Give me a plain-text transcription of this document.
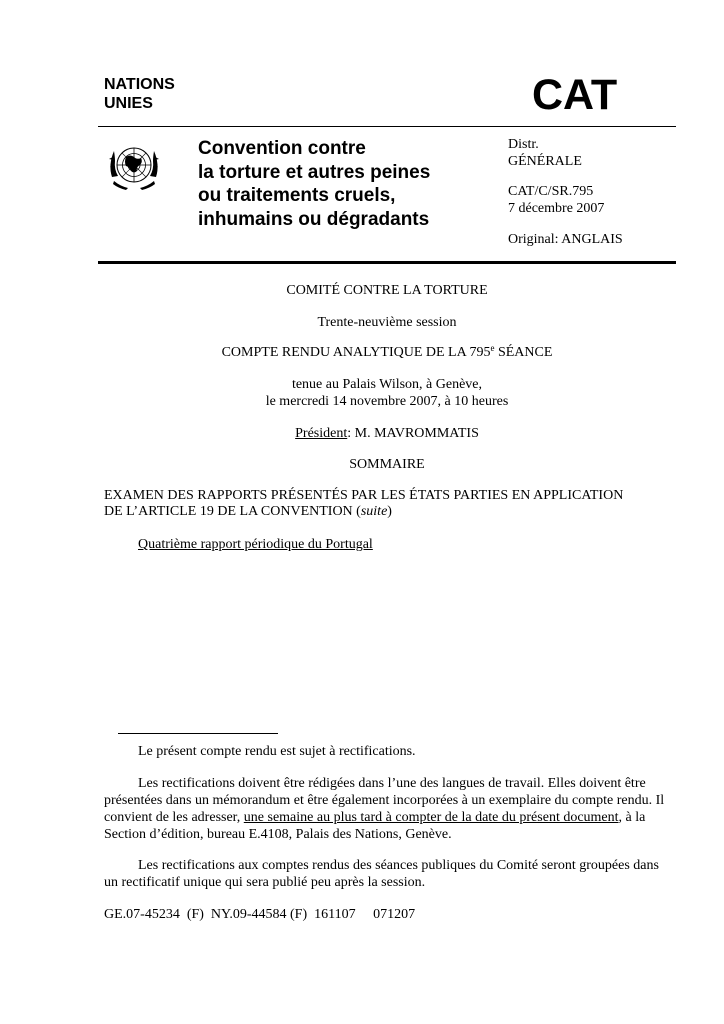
NATIONS
UNIES	CAT
Convention contre
la torture et autres peines
ou traitements cruels,
inhumains ou dégradants
Distr.
GÉNÉRALE
CAT/C/SR.795
7 décembre 2007
Original: ANGLAIS
COMITÉ CONTRE LA TORTURE
Trente-neuvième session
COMPTE RENDU ANALYTIQUE DE LA 795e SÉANCE
tenue au Palais Wilson, à Genève,
le mercredi 14 novembre 2007, à 10 heures
Président: M. MAVROMMATIS
SOMMAIRE
EXAMEN DES RAPPORTS PRÉSENTÉS PAR LES ÉTATS PARTIES EN APPLICATION
DE L’ARTICLE 19 DE LA CONVENTION (suite)
Quatrième rapport périodique du Portugal
Le présent compte rendu est sujet à rectifications.
Les rectifications doivent être rédigées dans l’une des langues de travail. Elles doivent être présentées dans un mémorandum et être également incorporées à un exemplaire du compte rendu. Il convient de les adresser, une semaine au plus tard à compter de la date du présent document, à la Section d’édition, bureau E.4108, Palais des Nations, Genève.
Les rectifications aux comptes rendus des séances publiques du Comité seront groupées dans un rectificatif unique qui sera publié peu après la session.
GE.07-45234  (F)  NY.09-44584 (F)  161107     071207
